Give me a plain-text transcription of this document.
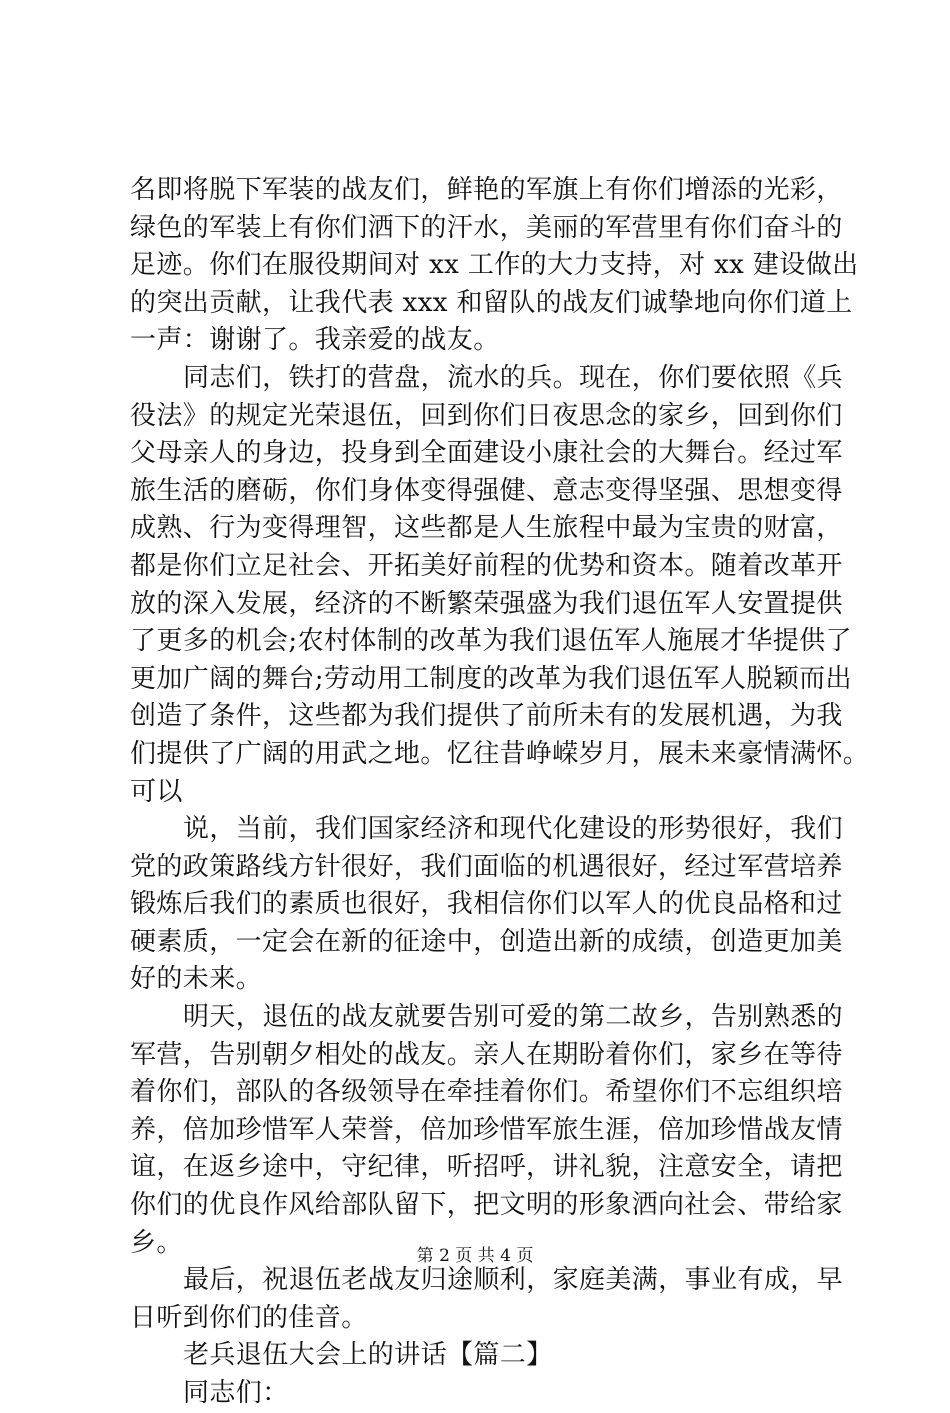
名即将脱下军装的战友们，鲜艳的军旗上有你们增添的光彩，
绿色的军装上有你们洒下的汗水，美丽的军营里有你们奋斗的
足迹。你们在服役期间对 xx 工作的大力支持，对 xx 建设做出
的突出贡献，让我代表 xxx 和留队的战友们诚挚地向你们道上
一声：谢谢了。我亲爱的战友。
同志们，铁打的营盘，流水的兵。现在，你们要依照《兵
役法》的规定光荣退伍，回到你们日夜思念的家乡，回到你们
父母亲人的身边，投身到全面建设小康社会的大舞台。经过军
旅生活的磨砺，你们身体变得强健、意志变得坚强、思想变得
成熟、行为变得理智，这些都是人生旅程中最为宝贵的财富，
都是你们立足社会、开拓美好前程的优势和资本。随着改革开
放的深入发展，经济的不断繁荣强盛为我们退伍军人安置提供
了更多的机会;农村体制的改革为我们退伍军人施展才华提供了
更加广阔的舞台;劳动用工制度的改革为我们退伍军人脱颖而出
创造了条件，这些都为我们提供了前所未有的发展机遇，为我
们提供了广阔的用武之地。忆往昔峥嵘岁月，展未来豪情满怀。
可以
说，当前，我们国家经济和现代化建设的形势很好，我们
党的政策路线方针很好，我们面临的机遇很好，经过军营培养
锻炼后我们的素质也很好，我相信你们以军人的优良品格和过
硬素质，一定会在新的征途中，创造出新的成绩，创造更加美
好的未来。
明天，退伍的战友就要告别可爱的第二故乡，告别熟悉的
军营，告别朝夕相处的战友。亲人在期盼着你们，家乡在等待
着你们，部队的各级领导在牵挂着你们。希望你们不忘组织培
养，倍加珍惜军人荣誉，倍加珍惜军旅生涯，倍加珍惜战友情
谊，在返乡途中，守纪律，听招呼，讲礼貌，注意安全，请把
你们的优良作风给部队留下，把文明的形象洒向社会、带给家
乡。
最后，祝退伍老战友归途顺利，家庭美满，事业有成，早
日听到你们的佳音。
老兵退伍大会上的讲话【篇二】
同志们：
第 2 页 共 4 页
